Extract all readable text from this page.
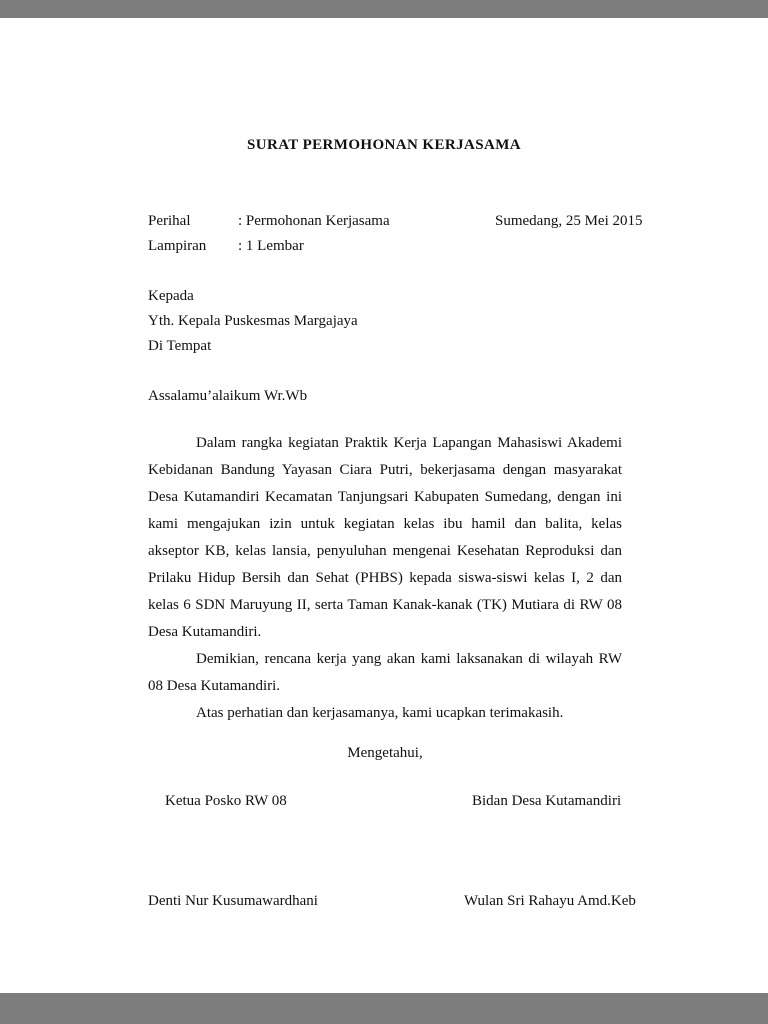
SURAT PERMOHONAN KERJASAMA
Perihal	: Permohonan Kerjasama	Sumedang, 25 Mei 2015
Lampiran : 1 Lembar
Kepada
Yth. Kepala Puskesmas Margajaya
Di Tempat
Assalamu’alaikum Wr.Wb

Dalam rangka kegiatan Praktik Kerja Lapangan Mahasiswi Akademi Kebidanan Bandung Yayasan Ciara Putri, bekerjasama dengan masyarakat Desa Kutamandiri Kecamatan Tanjungsari Kabupaten Sumedang, dengan ini kami mengajukan izin untuk kegiatan kelas ibu hamil dan balita, kelas akseptor KB, kelas lansia, penyuluhan mengenai Kesehatan Reproduksi dan Prilaku Hidup Bersih dan Sehat (PHBS) kepada siswa-siswi kelas I, 2 dan kelas 6 SDN Maruyung II, serta Taman Kanak-kanak (TK) Mutiara di RW 08 Desa Kutamandiri.

Demikian, rencana kerja yang akan kami laksanakan di wilayah RW 08 Desa Kutamandiri.

Atas perhatian dan kerjasamanya, kami ucapkan terimakasih.

Mengetahui,
Ketua Posko RW 08	Bidan Desa Kutamandiri
Denti Nur Kusumawardhani	Wulan Sri Rahayu Amd.Keb
